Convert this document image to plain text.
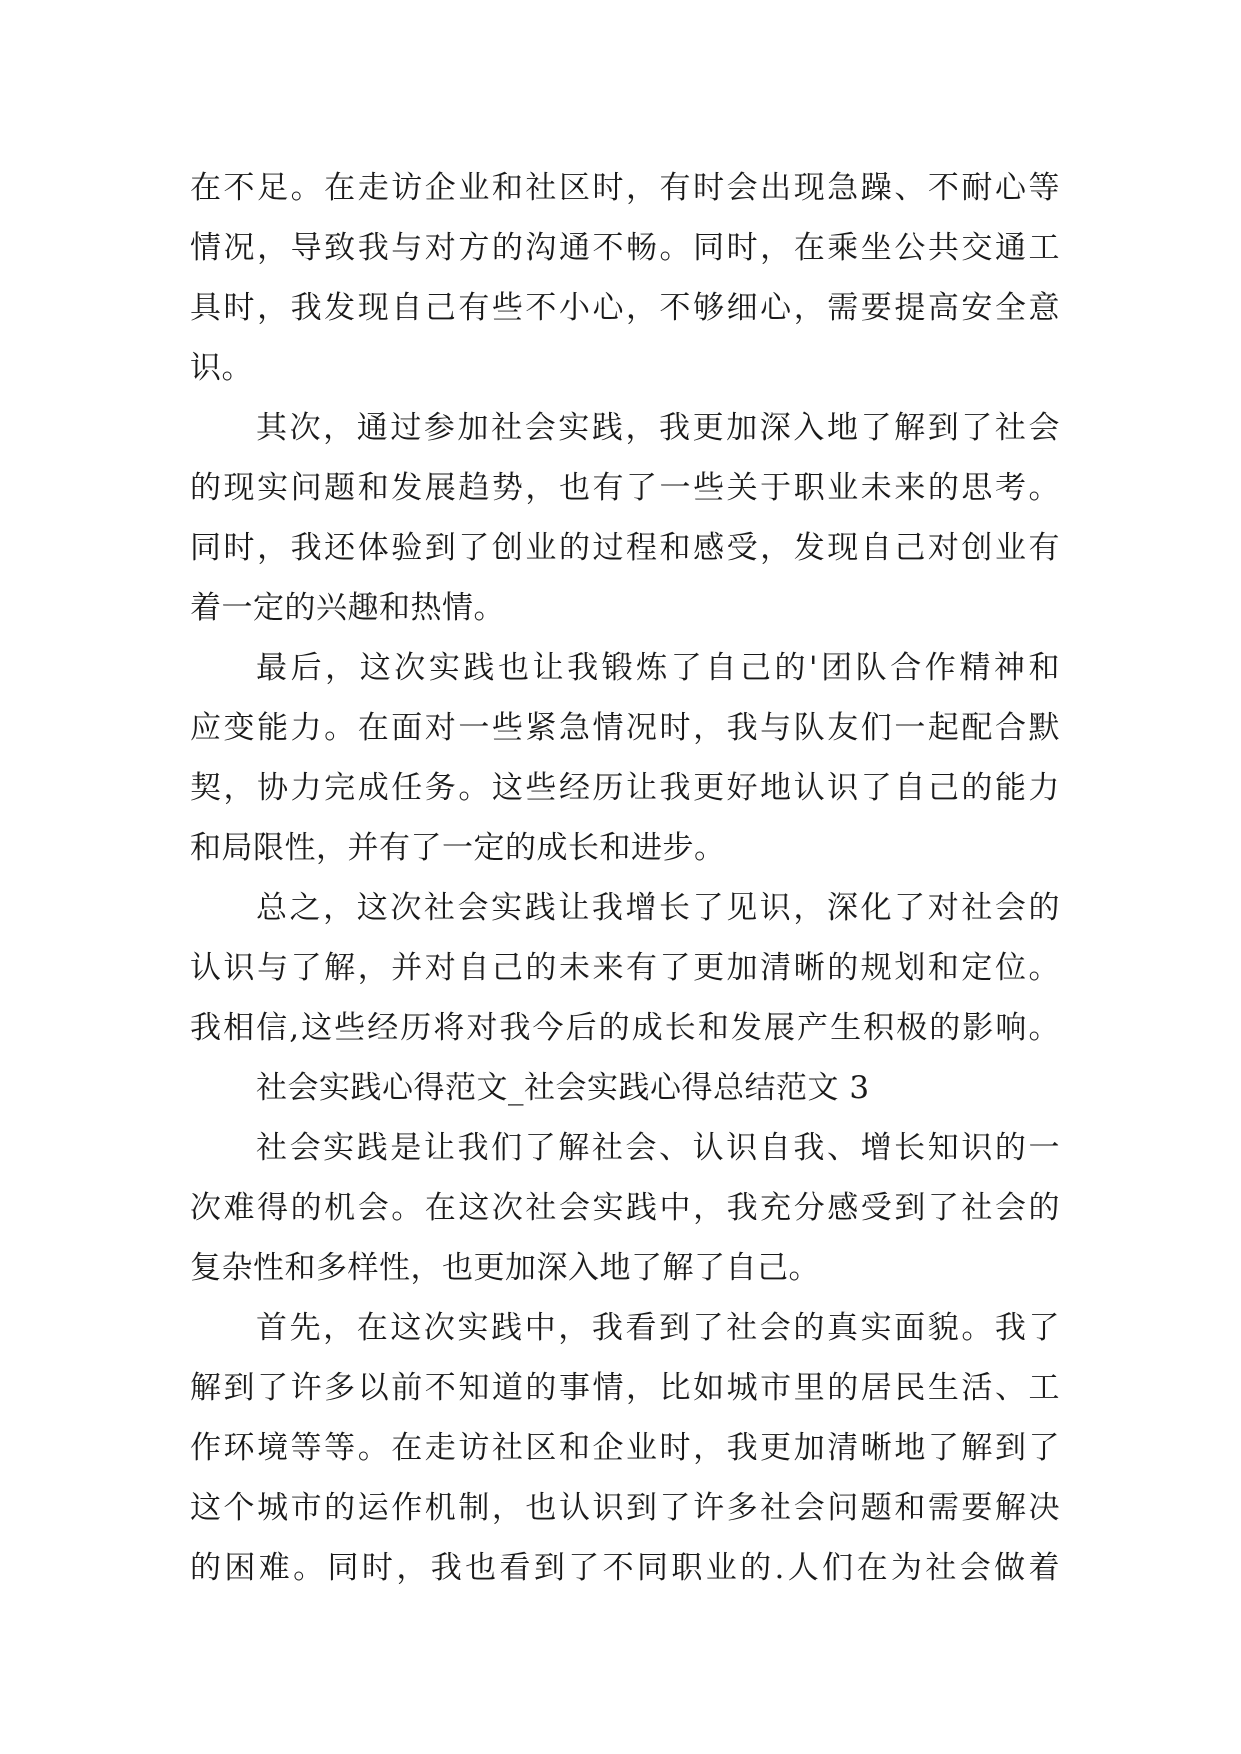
在不足。在走访企业和社区时，有时会出现急躁、不耐心等
情况，导致我与对方的沟通不畅。同时，在乘坐公共交通工
具时，我发现自己有些不小心，不够细心，需要提高安全意
识。
其次，通过参加社会实践，我更加深入地了解到了社会
的现实问题和发展趋势，也有了一些关于职业未来的思考。
同时，我还体验到了创业的过程和感受，发现自己对创业有
着一定的兴趣和热情。
最后，这次实践也让我锻炼了自己的'团队合作精神和
应变能力。在面对一些紧急情况时，我与队友们一起配合默
契，协力完成任务。这些经历让我更好地认识了自己的能力
和局限性，并有了一定的成长和进步。
总之，这次社会实践让我增长了见识，深化了对社会的
认识与了解，并对自己的未来有了更加清晰的规划和定位。
我相信,这些经历将对我今后的成长和发展产生积极的影响。
社会实践心得范文_社会实践心得总结范文 3
社会实践是让我们了解社会、认识自我、增长知识的一
次难得的机会。在这次社会实践中，我充分感受到了社会的
复杂性和多样性，也更加深入地了解了自己。
首先，在这次实践中，我看到了社会的真实面貌。我了
解到了许多以前不知道的事情，比如城市里的居民生活、工
作环境等等。在走访社区和企业时，我更加清晰地了解到了
这个城市的运作机制，也认识到了许多社会问题和需要解决
的困难。同时，我也看到了不同职业的.人们在为社会做着
